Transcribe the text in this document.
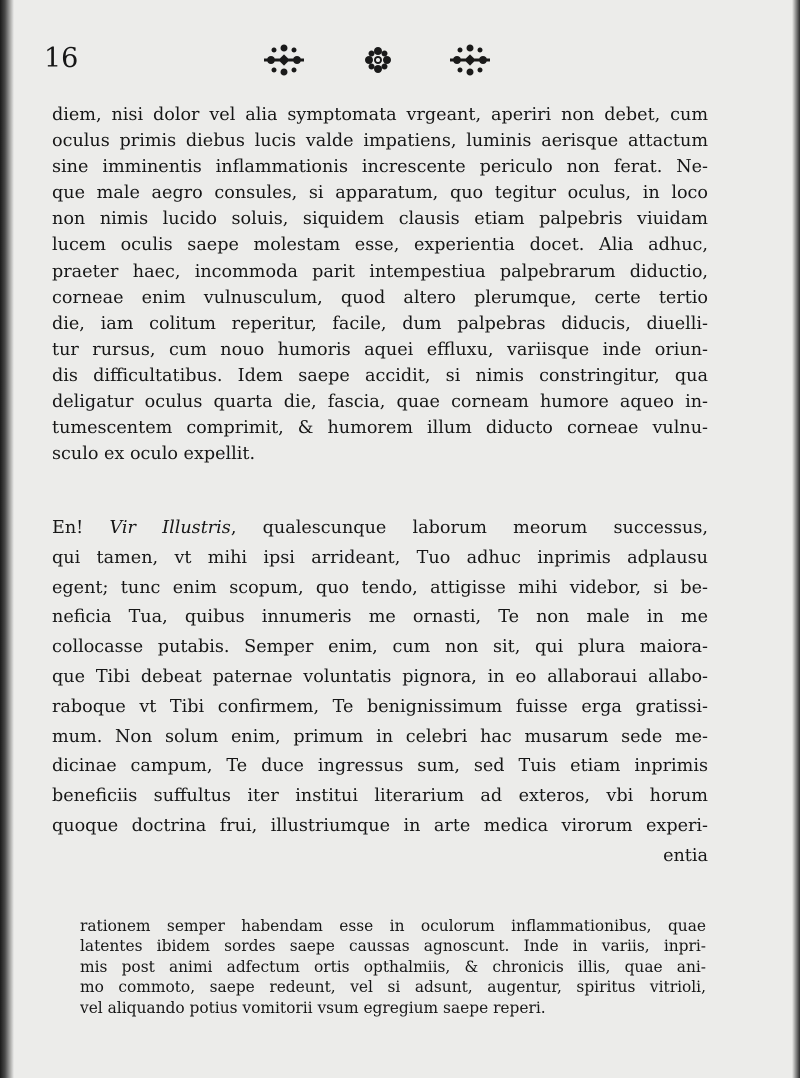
16
diem, nisi dolor vel alia symptomata vrgeant, aperiri non debet, cum
oculus primis diebus lucis valde impatiens, luminis aerisque attactum
sine imminentis inflammationis increscente periculo non ferat. Ne-
que male aegro consules, si apparatum, quo tegitur oculus, in loco
non nimis lucido soluis, siquidem clausis etiam palpebris viuidam
lucem oculis saepe molestam esse, experientia docet. Alia adhuc,
praeter haec, incommoda parit intempestiua palpebrarum diductio,
corneae enim vulnusculum, quod altero plerumque, certe tertio
die, iam colitum reperitur, facile, dum palpebras diducis, diuelli-
tur rursus, cum nouo humoris aquei effluxu, variisque inde oriun-
dis difficultatibus. Idem saepe accidit, si nimis constringitur, qua
deligatur oculus quarta die, fascia, quae corneam humore aqueo in-
tumescentem comprimit, & humorem illum diducto corneae vulnu-
sculo ex oculo expellit.
En! Vir Illustris, qualescunque laborum meorum successus,
qui tamen, vt mihi ipsi arrideant, Tuo adhuc inprimis adplausu
egent; tunc enim scopum, quo tendo, attigisse mihi videbor, si be-
neficia Tua, quibus innumeris me ornasti, Te non male in me
collocasse putabis. Semper enim, cum non sit, qui plura maiora-
que Tibi debeat paternae voluntatis pignora, in eo allaboraui allabo-
raboque vt Tibi confirmem, Te benignissimum fuisse erga gratissi-
mum. Non solum enim, primum in celebri hac musarum sede me-
dicinae campum, Te duce ingressus sum, sed Tuis etiam inprimis
beneficiis suffultus iter institui literarium ad exteros, vbi horum
quoque doctrina frui, illustriumque in arte medica virorum experi-
entia
rationem semper habendam esse in oculorum inflammationibus, quae
latentes ibidem sordes saepe caussas agnoscunt. Inde in variis, inpri-
mis post animi adfectum ortis opthalmiis, & chronicis illis, quae ani-
mo commoto, saepe redeunt, vel si adsunt, augentur, spiritus vitrioli,
vel aliquando potius vomitorii vsum egregium saepe reperi.
